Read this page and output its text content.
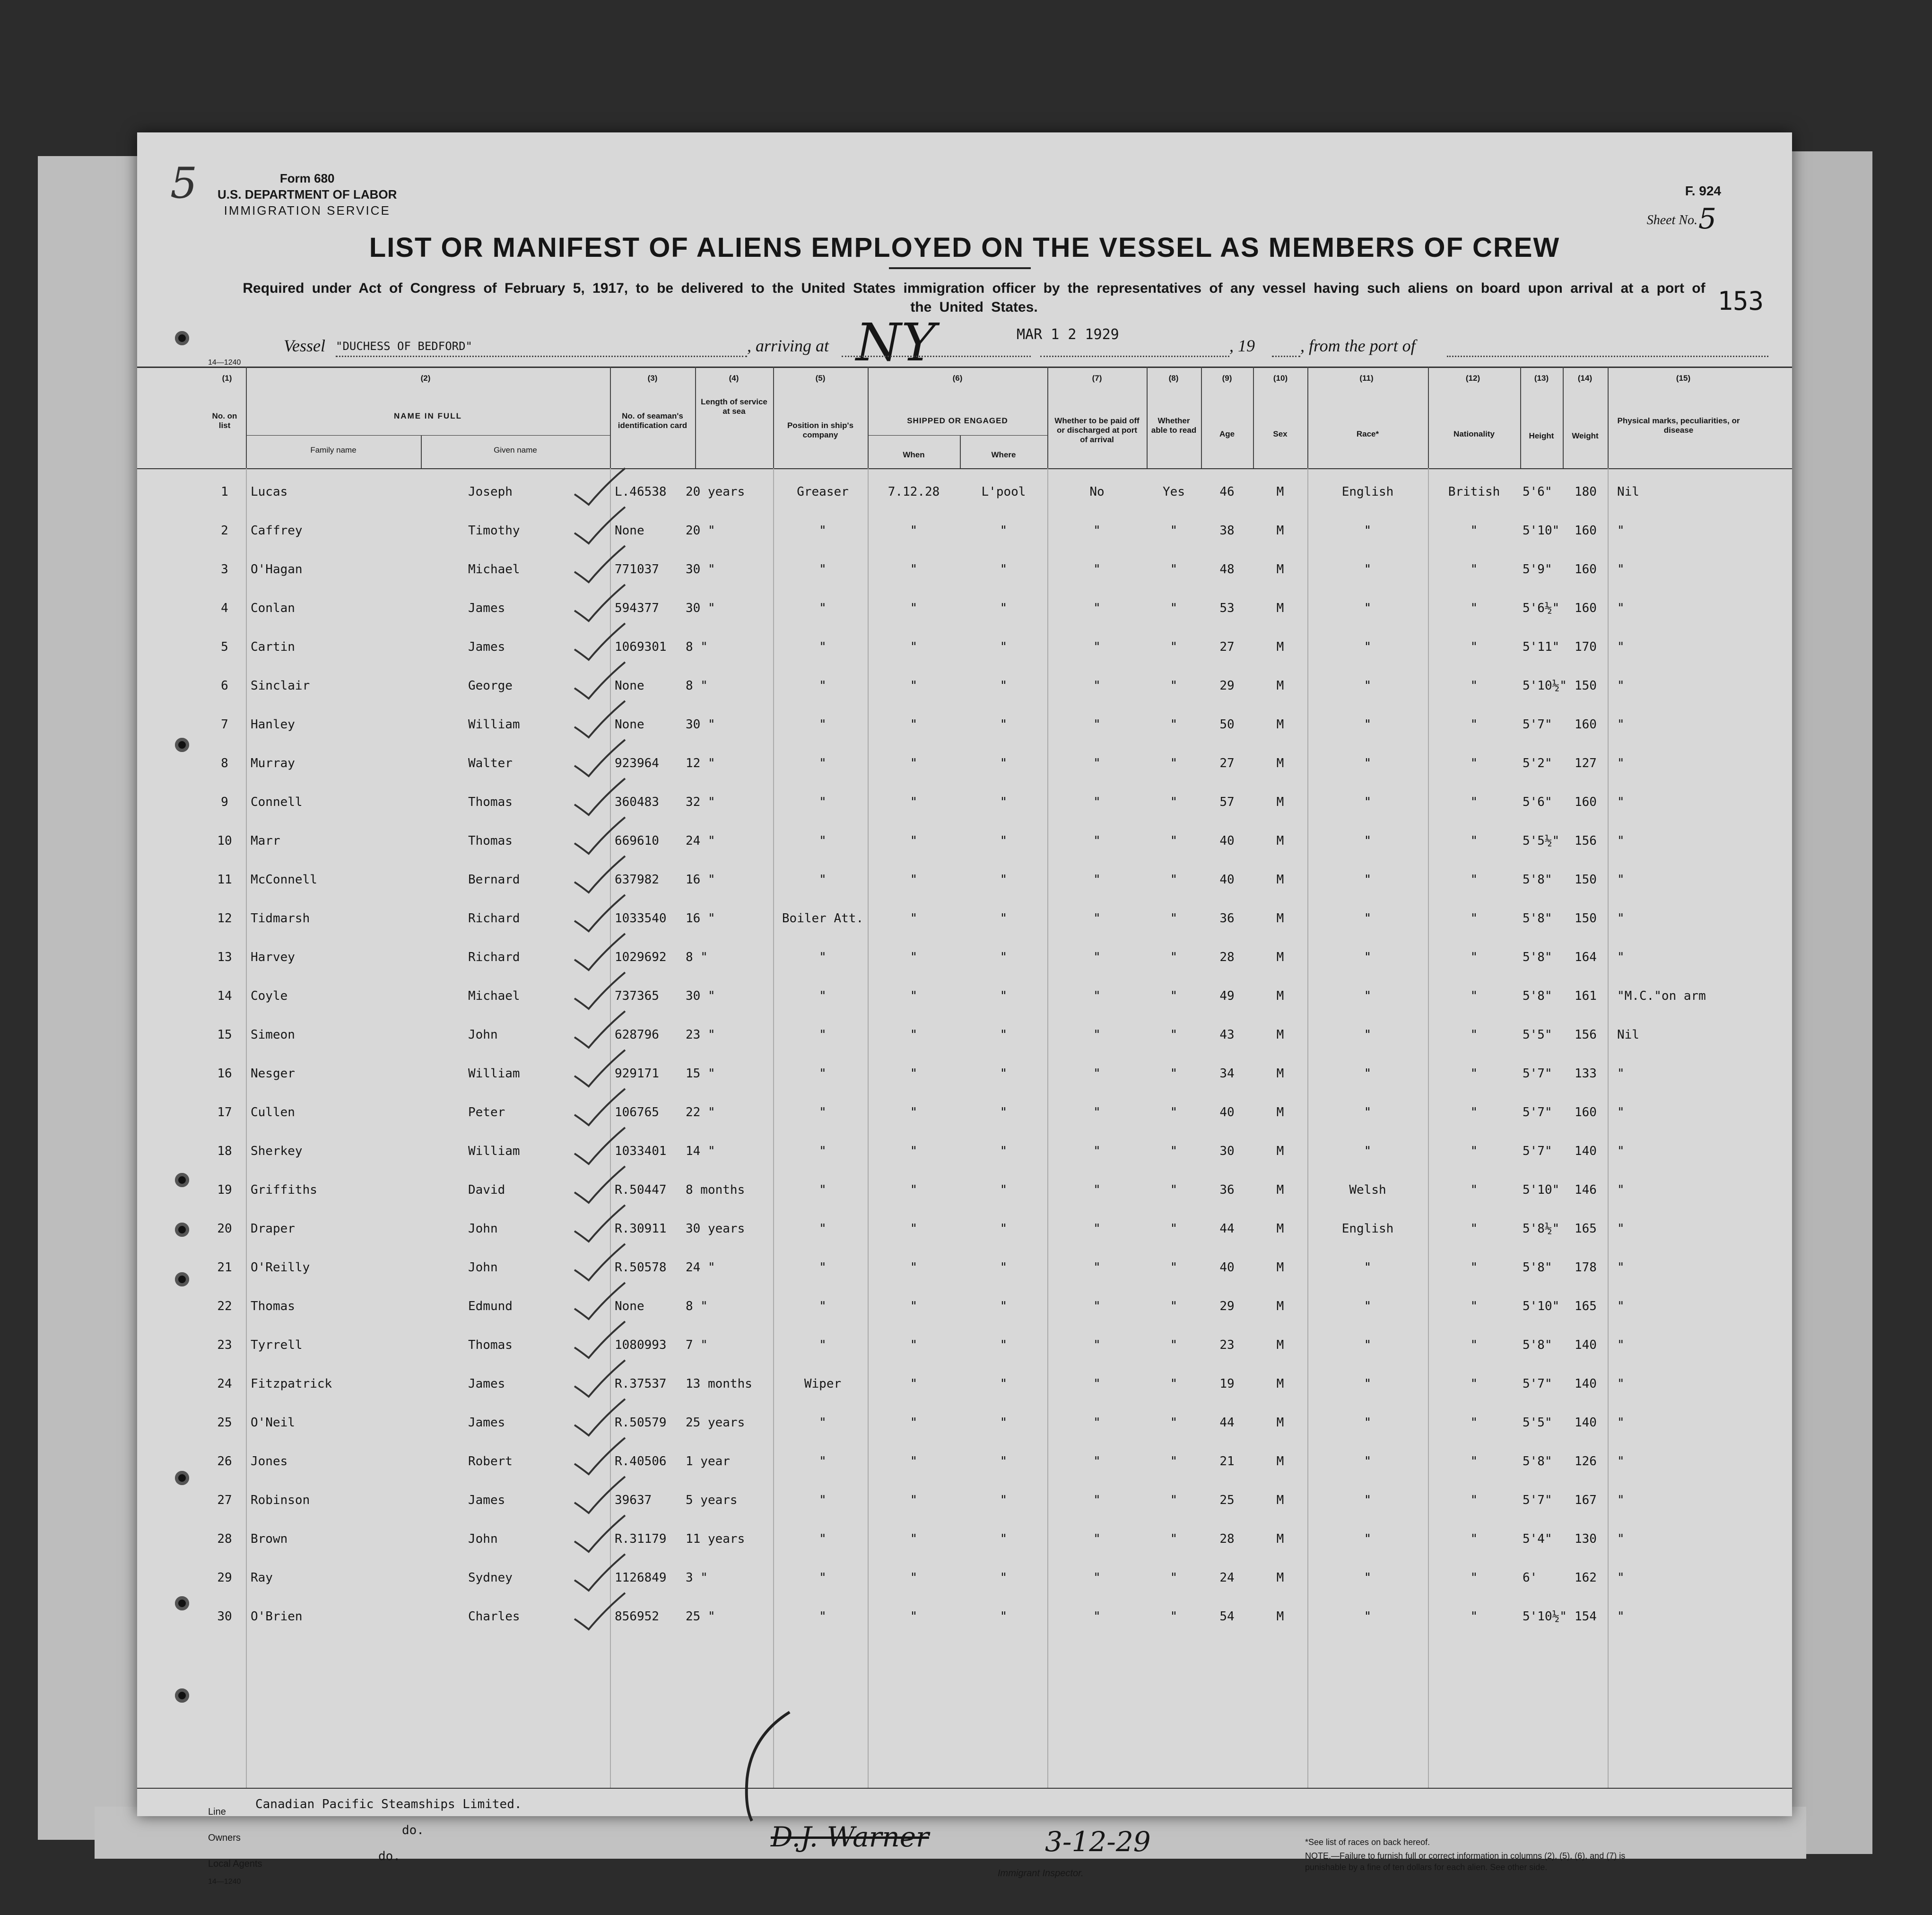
5	Form 680
U.S. DEPARTMENT OF LABOR
IMMIGRATION SERVICE
F. 924
Sheet No. 5
153
LIST OR MANIFEST OF ALIENS EMPLOYED ON THE VESSEL AS MEMBERS OF CREW
Required under Act of Congress of February 5, 1917, to be delivered to the United States immigration officer by the representatives of any vessel having such aliens on board upon arrival at a port of the United States.
Vessel "DUCHESS OF BEDFORD"	, arriving at NY	MAR 1 2 1929
, 19	, from the port of
14—1240
(1)	(2)	(3)	(4)	(5)	(6)	(7)	(8)	(9)	(10)	(11)	(12)	(13)	(14)	(15)
No. on list
NAME IN FULL
Family name	Given name
No. of seaman's identification card
Length of service at sea
Position in ship's company
SHIPPED OR ENGAGED
When	Where
Whether to be paid off or discharged at port of arrival
Whether able to read	Age	Sex	Race*	Nationality	Height	Weight
Physical marks, peculiarities, or disease
1	Lucas	Joseph	L.46538 20 years	Greaser	7.12.28	L'pool	No	Yes	46	M	English	British	5'6" 180 Nil
2	Caffrey	Timothy	None	20 "	"	"	"	"	"	38	M	"	"	5'10" 160 "
3	O'Hagan	Michael	771037 30 "	"	"	"	"	"	48	M	"	"	5'9" 160 "
4	Conlan	James	594377 30 "	"	"	"	"	"	53	M	"	"	5'6½" 160 "
5	Cartin	James	1069301 8 "	"	"	"	"	"	27	M	"	"	5'11" 170 "
6	Sinclair	George	None	8 "	"	"	"	"	"	29	M	"	"	5'10½" 150 "
7	Hanley	William	None	30 "	"	"	"	"	"	50	M	"	"	5'7" 160 "
8	Murray	Walter	923964 12 "	"	"	"	"	"	27	M	"	"	5'2" 127 "
9	Connell	Thomas	360483 32 "	"	"	"	"	"	57	M	"	"	5'6" 160 "
10	Marr	Thomas	669610 24 "	"	"	"	"	"	40	M	"	"	5'5½" 156 "
11	McConnell	Bernard	637982 16 "	"	"	"	"	"	40	M	"	"	5'8" 150 "
12	Tidmarsh	Richard	1033540 16 "	Boiler Att.	"	"	"	"	36	M	"	"	5'8" 150 "
13	Harvey	Richard	1029692 8 "	"	"	"	"	"	28	M	"	"	5'8" 164 "
14	Coyle	Michael	737365 30 "	"	"	"	"	"	49	M	"	"	5'8" 161 "M.C."on arm
15	Simeon	John	628796 23 "	"	"	"	"	"	43	M	"	"	5'5" 156 Nil
16	Nesger	William	929171 15 "	"	"	"	"	"	34	M	"	"	5'7" 133 "
17	Cullen	Peter	106765 22 "	"	"	"	"	"	40	M	"	"	5'7" 160 "
18	Sherkey	William	1033401 14 "	"	"	"	"	"	30	M	"	"	5'7" 140 "
19	Griffiths	David	R.50447 8 months	"	"	"	"	"	36	M	Welsh	"	5'10" 146 "
20	Draper	John	R.30911 30 years	"	"	"	"	"	44	M	English	"	5'8½" 165 "
21	O'Reilly	John	R.50578 24 "	"	"	"	"	"	40	M	"	"	5'8" 178 "
22	Thomas	Edmund	None	8 "	"	"	"	"	"	29	M	"	"	5'10" 165 "
23	Tyrrell	Thomas	1080993 7 "	"	"	"	"	"	23	M	"	"	5'8" 140 "
24	Fitzpatrick	James	R.37537 13 months	Wiper	"	"	"	"	19	M	"	"	5'7" 140 "
25	O'Neil	James	R.50579 25 years	"	"	"	"	"	44	M	"	"	5'5" 140 "
26	Jones	Robert	R.40506 1 year	"	"	"	"	"	21	M	"	"	5'8" 126 "
27	Robinson	James	39637	5 years	"	"	"	"	"	25	M	"	"	5'7" 167 "
28	Brown	John	R.31179 11 years	"	"	"	"	"	28	M	"	"	5'4" 130 "
29	Ray	Sydney	1126849 3 "	"	"	"	"	"	24	M	"	"	6'	162 "
30	O'Brien	Charles	856952 25 "	"	"	"	"	"	54	M	"	"	5'10½" 154 "
Line
Canadian Pacific Steamships Limited.
Owners
do.
Local Agents
do.
14—1240
D.J. Warner	3-12-29
Immigrant Inspector.
*See list of races on back hereof.
NOTE.—Failure to furnish full or correct information in columns (2), (5), (6), and (7) is punishable by a fine of ten dollars for each alien. See other side.
